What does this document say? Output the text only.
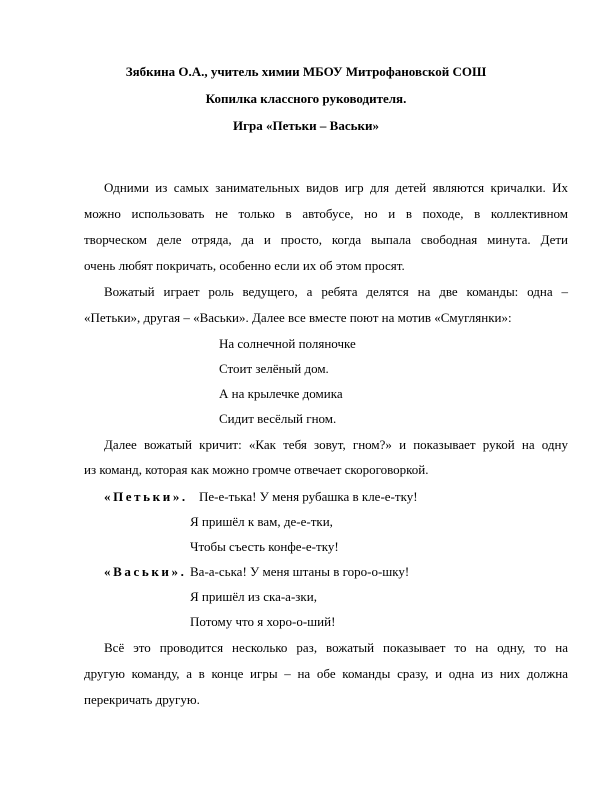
Зябкина О.А., учитель химии МБОУ Митрофановской СОШ
Копилка классного руководителя.
Игра «Петьки – Васьки»
Одними из самых занимательных видов игр для детей являются кричалки. Их
можно использовать не только в автобусе, но и в походе, в коллективном
творческом деле отряда, да и просто, когда выпала свободная минута. Дети
очень любят покричать, особенно если их об этом просят.
Вожатый играет роль ведущего, а ребята делятся на две команды: одна –
«Петьки», другая – «Васьки». Далее все вместе поют на мотив «Смуглянки»:
На солнечной поляночке
Стоит зелёный дом.
А на крылечке домика
Сидит весёлый гном.
Далее вожатый кричит: «Как тебя зовут, гном?» и показывает рукой на одну
из команд, которая как можно громче отвечает скороговоркой.
«Петьки». Пе-е-тька! У меня рубашка в кле-е-тку!
Я пришёл к вам, де-е-тки,
Чтобы съесть конфе-е-тку!
«Васьки». Ва-а-ська! У меня штаны в горо-о-шку!
Я пришёл из ска-а-зки,
Потому что я хоро-о-ший!
Всё это проводится несколько раз, вожатый показывает то на одну, то на
другую команду, а в конце игры – на обе команды сразу, и одна из них должна
перекричать другую.
